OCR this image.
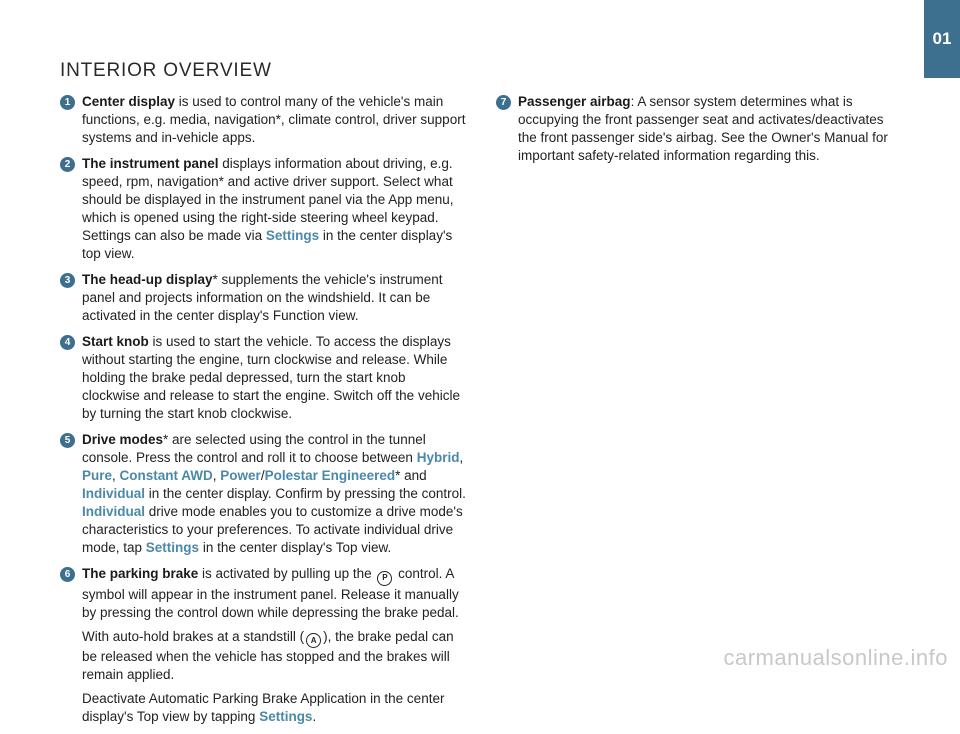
INTERIOR OVERVIEW
01
1 Center display is used to control many of the vehicle's main functions, e.g. media, navigation*, climate control, driver support systems and in-vehicle apps.

2 The instrument panel displays information about driving, e.g. speed, rpm, navigation* and active driver support. Select what should be displayed in the instrument panel via the App menu, which is opened using the right-side steering wheel keypad. Settings can also be made via Settings in the center display's top view.

3 The head-up display* supplements the vehicle's instrument panel and projects information on the windshield. It can be activated in the center display's Function view.

4 Start knob is used to start the vehicle. To access the displays without starting the engine, turn clockwise and release. While holding the brake pedal depressed, turn the start knob clockwise and release to start the engine. Switch off the vehicle by turning the start knob clockwise.

5 Drive modes* are selected using the control in the tunnel console. Press the control and roll it to choose between Hybrid, Pure, Constant AWD, Power/Polestar Engineered* and Individual in the center display. Confirm by pressing the control. Individual drive mode enables you to customize a drive mode's characteristics to your preferences. To activate individual drive mode, tap Settings in the center display's Top view.

6 The parking brake is activated by pulling up the P control. A symbol will appear in the instrument panel. Release it manually by pressing the control down while depressing the brake pedal.

With auto-hold brakes at a standstill ( A ), the brake pedal can be released when the vehicle has stopped and the brakes will remain applied.

Deactivate Automatic Parking Brake Application in the center display's Top view by tapping Settings.

7 Passenger airbag: A sensor system determines what is occupying the front passenger seat and activates/deactivates the front passenger side's airbag. See the Owner's Manual for important safety-related information regarding this.

carmanualsonline.info
